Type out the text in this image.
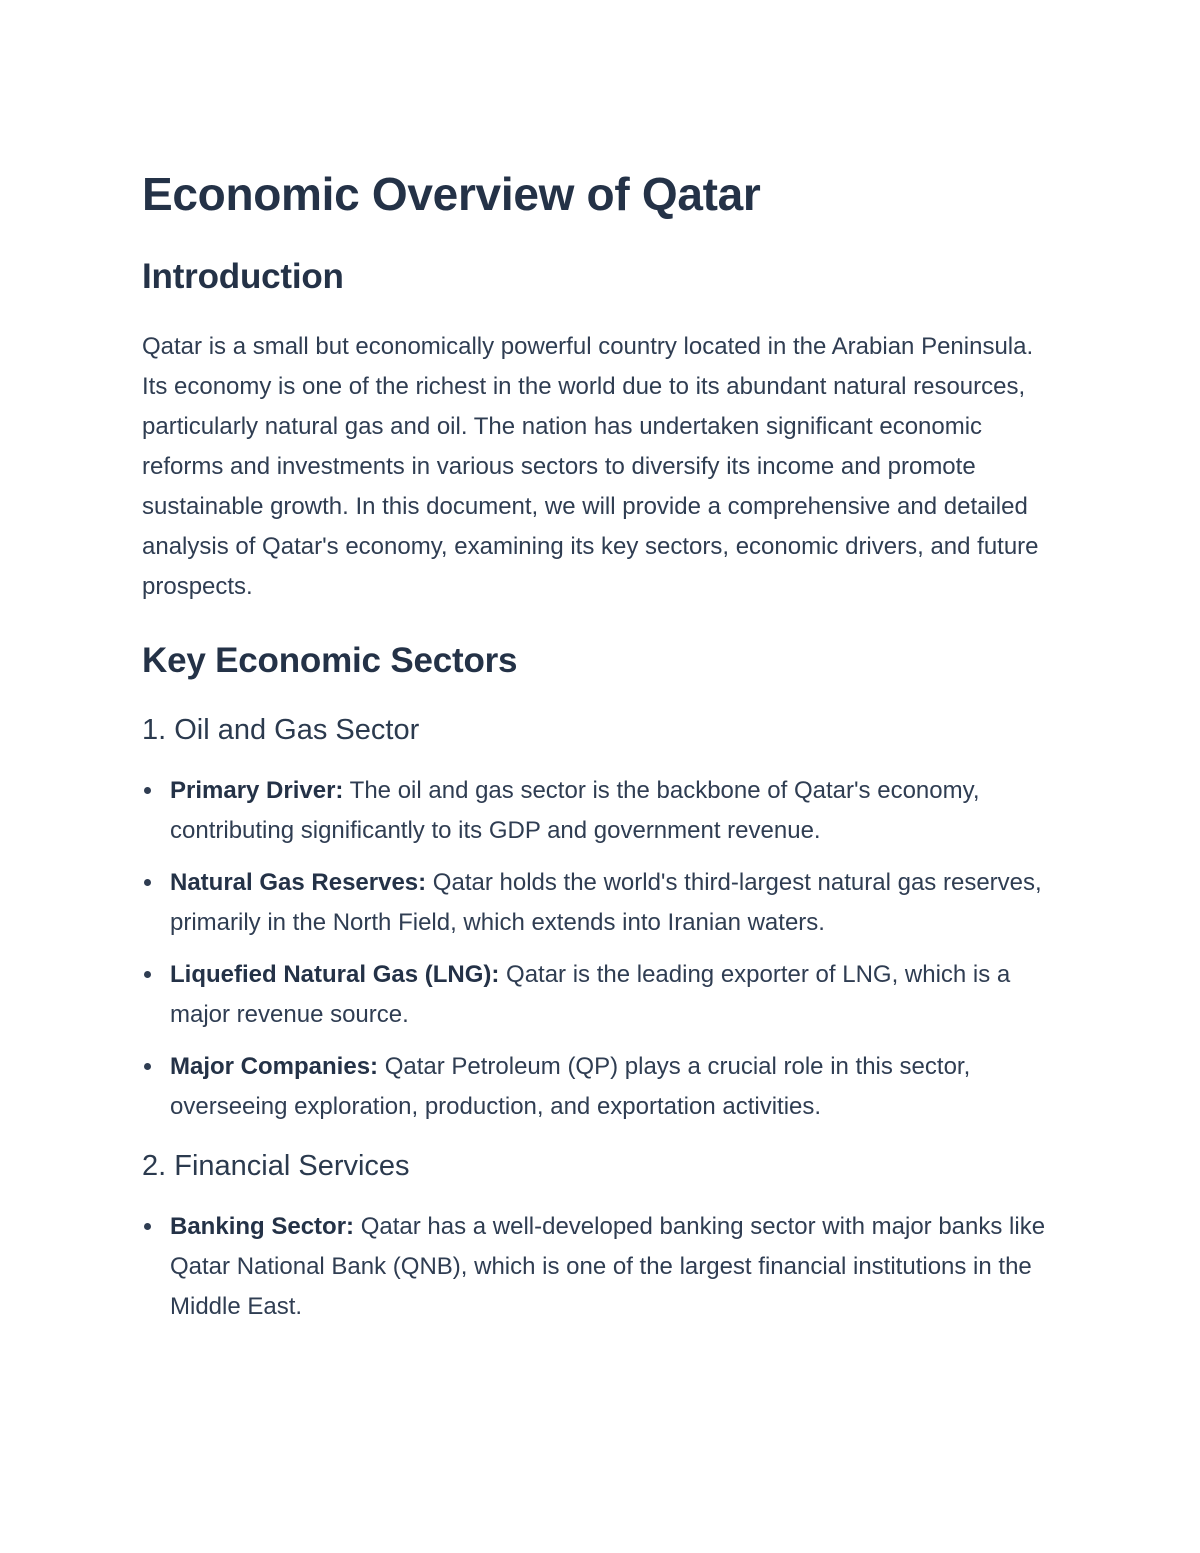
Economic Overview of Qatar
Introduction

Qatar is a small but economically powerful country located in the Arabian Peninsula. Its economy is one of the richest in the world due to its abundant natural resources, particularly natural gas and oil. The nation has undertaken significant economic reforms and investments in various sectors to diversify its income and promote sustainable growth. In this document, we will provide a comprehensive and detailed analysis of Qatar's economy, examining its key sectors, economic drivers, and future prospects.

Key Economic Sectors
1. Oil and Gas Sector
Primary Driver: The oil and gas sector is the backbone of Qatar's economy, contributing significantly to its GDP and government revenue.
Natural Gas Reserves: Qatar holds the world's third-largest natural gas reserves, primarily in the North Field, which extends into Iranian waters.
Liquefied Natural Gas (LNG): Qatar is the leading exporter of LNG, which is a major revenue source.
Major Companies: Qatar Petroleum (QP) plays a crucial role in this sector, overseeing exploration, production, and exportation activities.
2. Financial Services
Banking Sector: Qatar has a well-developed banking sector with major banks like Qatar National Bank (QNB), which is one of the largest financial institutions in the Middle East.
